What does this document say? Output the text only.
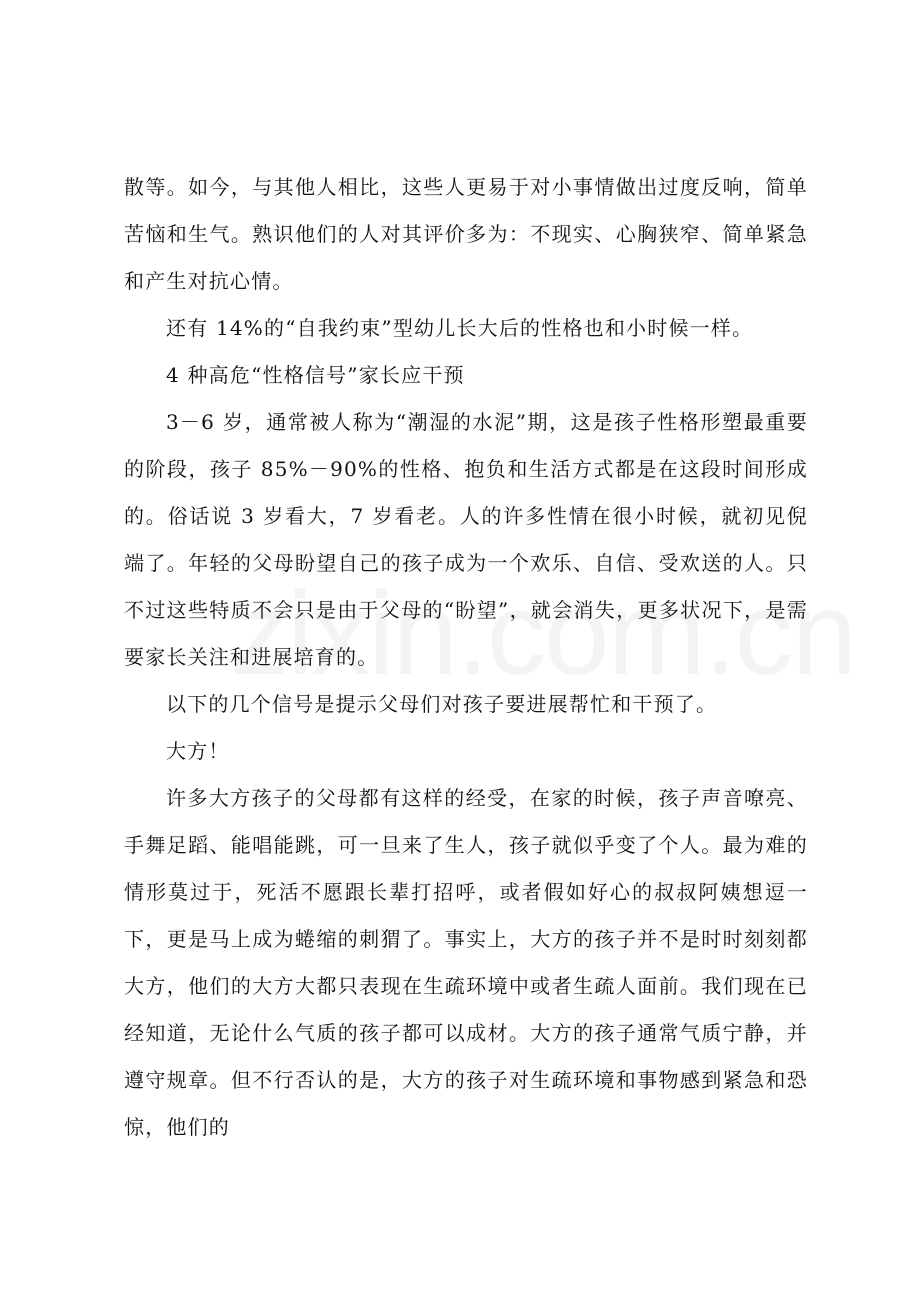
散等。如今，与其他人相比，这些人更易于对小事情做出过度反响，简单苦恼和生气。熟识他们的人对其评价多为：不现实、心胸狭窄、简单紧急和产生对抗心情。

还有 14%的“自我约束”型幼儿长大后的性格也和小时候一样。

4 种高危“性格信号”家长应干预

3－6 岁，通常被人称为“潮湿的水泥”期，这是孩子性格形塑最重要的阶段，孩子 85%－90%的性格、抱负和生活方式都是在这段时间形成的。俗话说 3 岁看大，7 岁看老。人的许多性情在很小时候，就初见倪端了。年轻的父母盼望自己的孩子成为一个欢乐、自信、受欢送的人。只不过这些特质不会只是由于父母的“盼望”，就会消失，更多状况下，是需要家长关注和进展培育的。

以下的几个信号是提示父母们对孩子要进展帮忙和干预了。

大方！

许多大方孩子的父母都有这样的经受，在家的时候，孩子声音嘹亮、手舞足蹈、能唱能跳，可一旦来了生人，孩子就似乎变了个人。最为难的情形莫过于，死活不愿跟长辈打招呼，或者假如好心的叔叔阿姨想逗一下，更是马上成为蜷缩的刺猬了。事实上，大方的孩子并不是时时刻刻都大方，他们的大方大都只表现在生疏环境中或者生疏人面前。我们现在已经知道，无论什么气质的孩子都可以成材。大方的孩子通常气质宁静，并遵守规章。但不行否认的是，大方的孩子对生疏环境和事物感到紧急和恐惊，他们的
